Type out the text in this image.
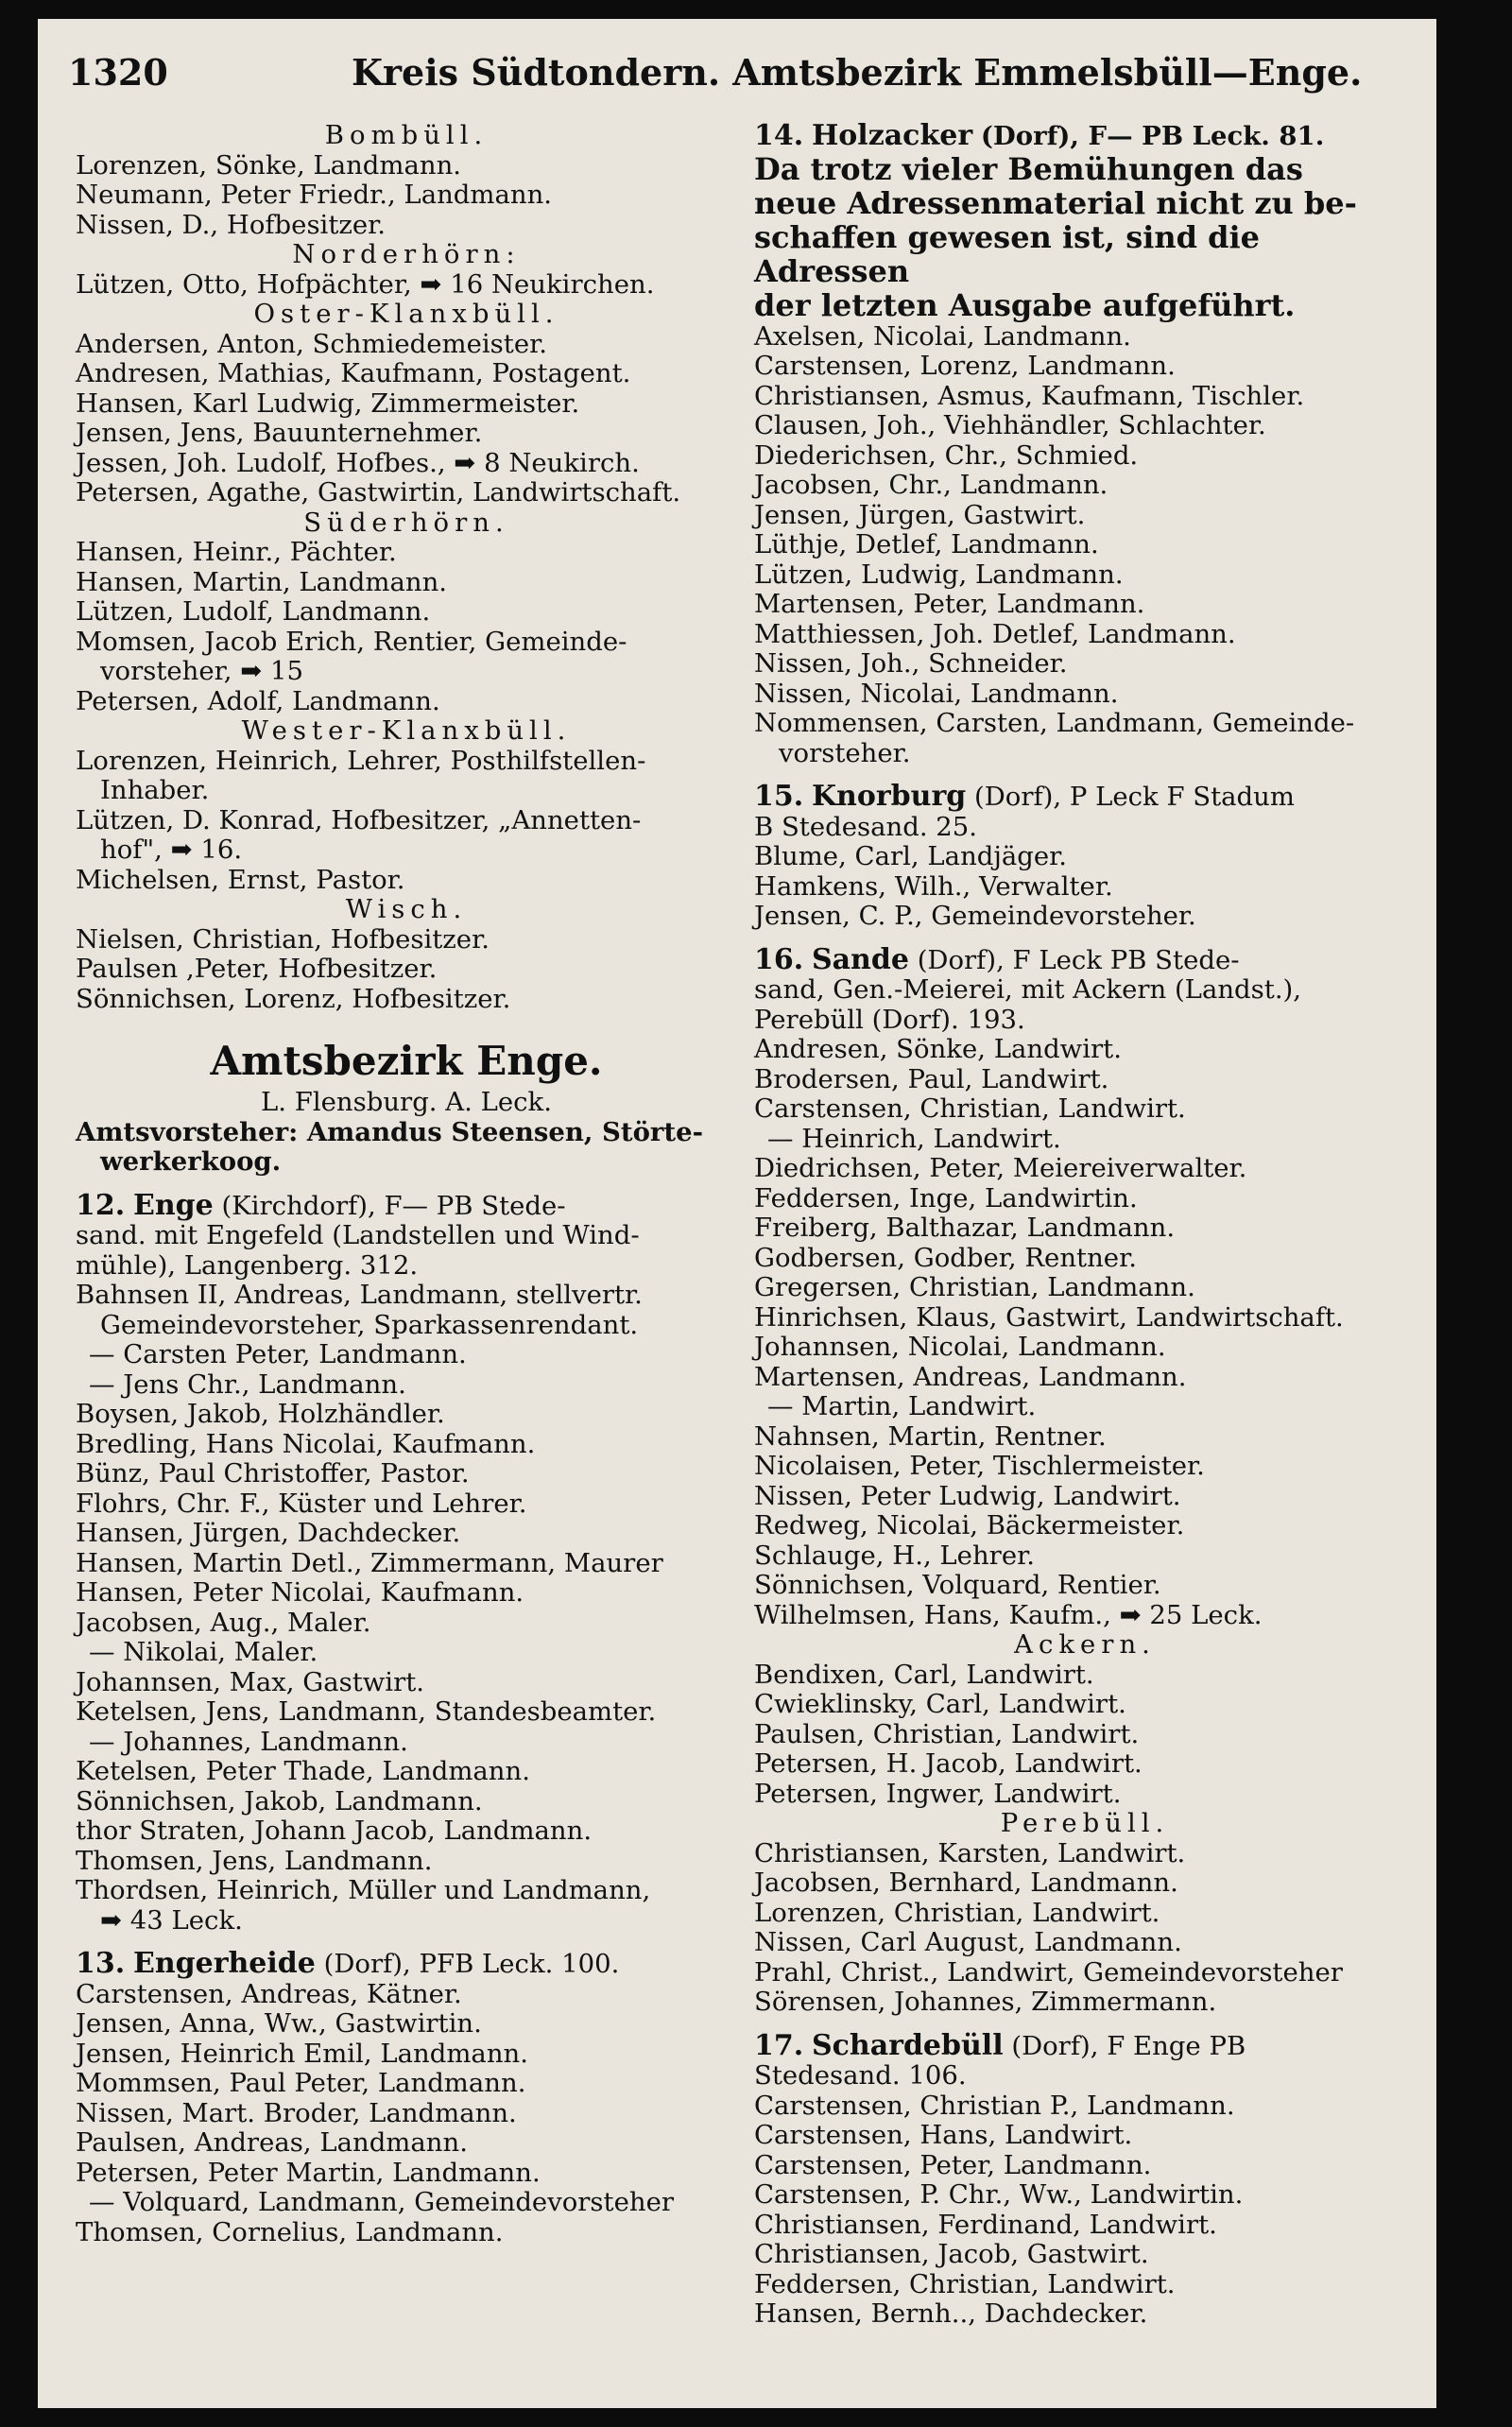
1320	Kreis Südtondern. Amtsbezirk Emmelsbüll—Enge.

Bombüll.

Lorenzen, Sönke, Landmann.

Neumann, Peter Friedr., Landmann.

Nissen, D., Hofbesitzer.

Norderhörn:

Lützen, Otto, Hofpächter, ➡ 16 Neukirchen.

Oster-Klanxbüll.

Andersen, Anton, Schmiedemeister.

Andresen, Mathias, Kaufmann, Postagent.

Hansen, Karl Ludwig, Zimmermeister.

Jensen, Jens, Bauunternehmer.

Jessen, Joh. Ludolf, Hofbes., ➡ 8 Neukirch.

Petersen, Agathe, Gastwirtin, Landwirtschaft.

Süderhörn.

Hansen, Heinr., Pächter.

Hansen, Martin, Landmann.

Lützen, Ludolf, Landmann.

Momsen, Jacob Erich, Rentier, Gemeinde-

vorsteher, ➡ 15

Petersen, Adolf, Landmann.

Wester-Klanxbüll.

Lorenzen, Heinrich, Lehrer, Posthilfstellen-

Inhaber.

Lützen, D. Konrad, Hofbesitzer, „Annetten-

hof", ➡ 16.

Michelsen, Ernst, Pastor.

Wisch.

Nielsen, Christian, Hofbesitzer.

Paulsen ,Peter, Hofbesitzer.

Sönnichsen, Lorenz, Hofbesitzer.

Amtsbezirk Enge.

L. Flensburg. A. Leck.

Amtsvorsteher: Amandus Steensen, Störte-

werkerkoog.

12. Enge (Kirchdorf), F— PB Stede-

sand. mit Engefeld (Landstellen und Wind-

mühle), Langenberg. 312.

Bahnsen II, Andreas, Landmann, stellvertr.

Gemeindevorsteher, Sparkassenrendant.

— Carsten Peter, Landmann.

— Jens Chr., Landmann.

Boysen, Jakob, Holzhändler.

Bredling, Hans Nicolai, Kaufmann.

Bünz, Paul Christoffer, Pastor.

Flohrs, Chr. F., Küster und Lehrer.

Hansen, Jürgen, Dachdecker.

Hansen, Martin Detl., Zimmermann, Maurer

Hansen, Peter Nicolai, Kaufmann.

Jacobsen, Aug., Maler.

— Nikolai, Maler.

Johannsen, Max, Gastwirt.

Ketelsen, Jens, Landmann, Standesbeamter.

— Johannes, Landmann.

Ketelsen, Peter Thade, Landmann.

Sönnichsen, Jakob, Landmann.

thor Straten, Johann Jacob, Landmann.

Thomsen, Jens, Landmann.

Thordsen, Heinrich, Müller und Landmann,

➡ 43 Leck.

13. Engerheide (Dorf), PFB Leck. 100.

Carstensen, Andreas, Kätner.

Jensen, Anna, Ww., Gastwirtin.

Jensen, Heinrich Emil, Landmann.

Mommsen, Paul Peter, Landmann.

Nissen, Mart. Broder, Landmann.

Paulsen, Andreas, Landmann.

Petersen, Peter Martin, Landmann.

— Volquard, Landmann, Gemeindevorsteher

Thomsen, Cornelius, Landmann.

14. Holzacker (Dorf), F— PB Leck. 81.

Da trotz vieler Bemühungen das

neue Adressenmaterial nicht zu be-

schaffen gewesen ist, sind die Adressen

der letzten Ausgabe aufgeführt.

Axelsen, Nicolai, Landmann.

Carstensen, Lorenz, Landmann.

Christiansen, Asmus, Kaufmann, Tischler.

Clausen, Joh., Viehhändler, Schlachter.

Diederichsen, Chr., Schmied.

Jacobsen, Chr., Landmann.

Jensen, Jürgen, Gastwirt.

Lüthje, Detlef, Landmann.

Lützen, Ludwig, Landmann.

Martensen, Peter, Landmann.

Matthiessen, Joh. Detlef, Landmann.

Nissen, Joh., Schneider.

Nissen, Nicolai, Landmann.

Nommensen, Carsten, Landmann, Gemeinde-

vorsteher.

15. Knorburg (Dorf), P Leck F Stadum

B Stedesand. 25.

Blume, Carl, Landjäger.

Hamkens, Wilh., Verwalter.

Jensen, C. P., Gemeindevorsteher.

16. Sande (Dorf), F Leck PB Stede-

sand, Gen.-Meierei, mit Ackern (Landst.),

Perebüll (Dorf). 193.

Andresen, Sönke, Landwirt.

Brodersen, Paul, Landwirt.

Carstensen, Christian, Landwirt.

— Heinrich, Landwirt.

Diedrichsen, Peter, Meiereiverwalter.

Feddersen, Inge, Landwirtin.

Freiberg, Balthazar, Landmann.

Godbersen, Godber, Rentner.

Gregersen, Christian, Landmann.

Hinrichsen, Klaus, Gastwirt, Landwirtschaft.

Johannsen, Nicolai, Landmann.

Martensen, Andreas, Landmann.

— Martin, Landwirt.

Nahnsen, Martin, Rentner.

Nicolaisen, Peter, Tischlermeister.

Nissen, Peter Ludwig, Landwirt.

Redweg, Nicolai, Bäckermeister.

Schlauge, H., Lehrer.

Sönnichsen, Volquard, Rentier.

Wilhelmsen, Hans, Kaufm., ➡ 25 Leck.

Ackern.

Bendixen, Carl, Landwirt.

Cwieklinsky, Carl, Landwirt.

Paulsen, Christian, Landwirt.

Petersen, H. Jacob, Landwirt.

Petersen, Ingwer, Landwirt.

Perebüll.

Christiansen, Karsten, Landwirt.

Jacobsen, Bernhard, Landmann.

Lorenzen, Christian, Landwirt.

Nissen, Carl August, Landmann.

Prahl, Christ., Landwirt, Gemeindevorsteher

Sörensen, Johannes, Zimmermann.

17. Schardebüll (Dorf), F Enge PB

Stedesand. 106.

Carstensen, Christian P., Landmann.

Carstensen, Hans, Landwirt.

Carstensen, Peter, Landmann.

Carstensen, P. Chr., Ww., Landwirtin.

Christiansen, Ferdinand, Landwirt.

Christiansen, Jacob, Gastwirt.

Feddersen, Christian, Landwirt.

Hansen, Bernh.., Dachdecker.
